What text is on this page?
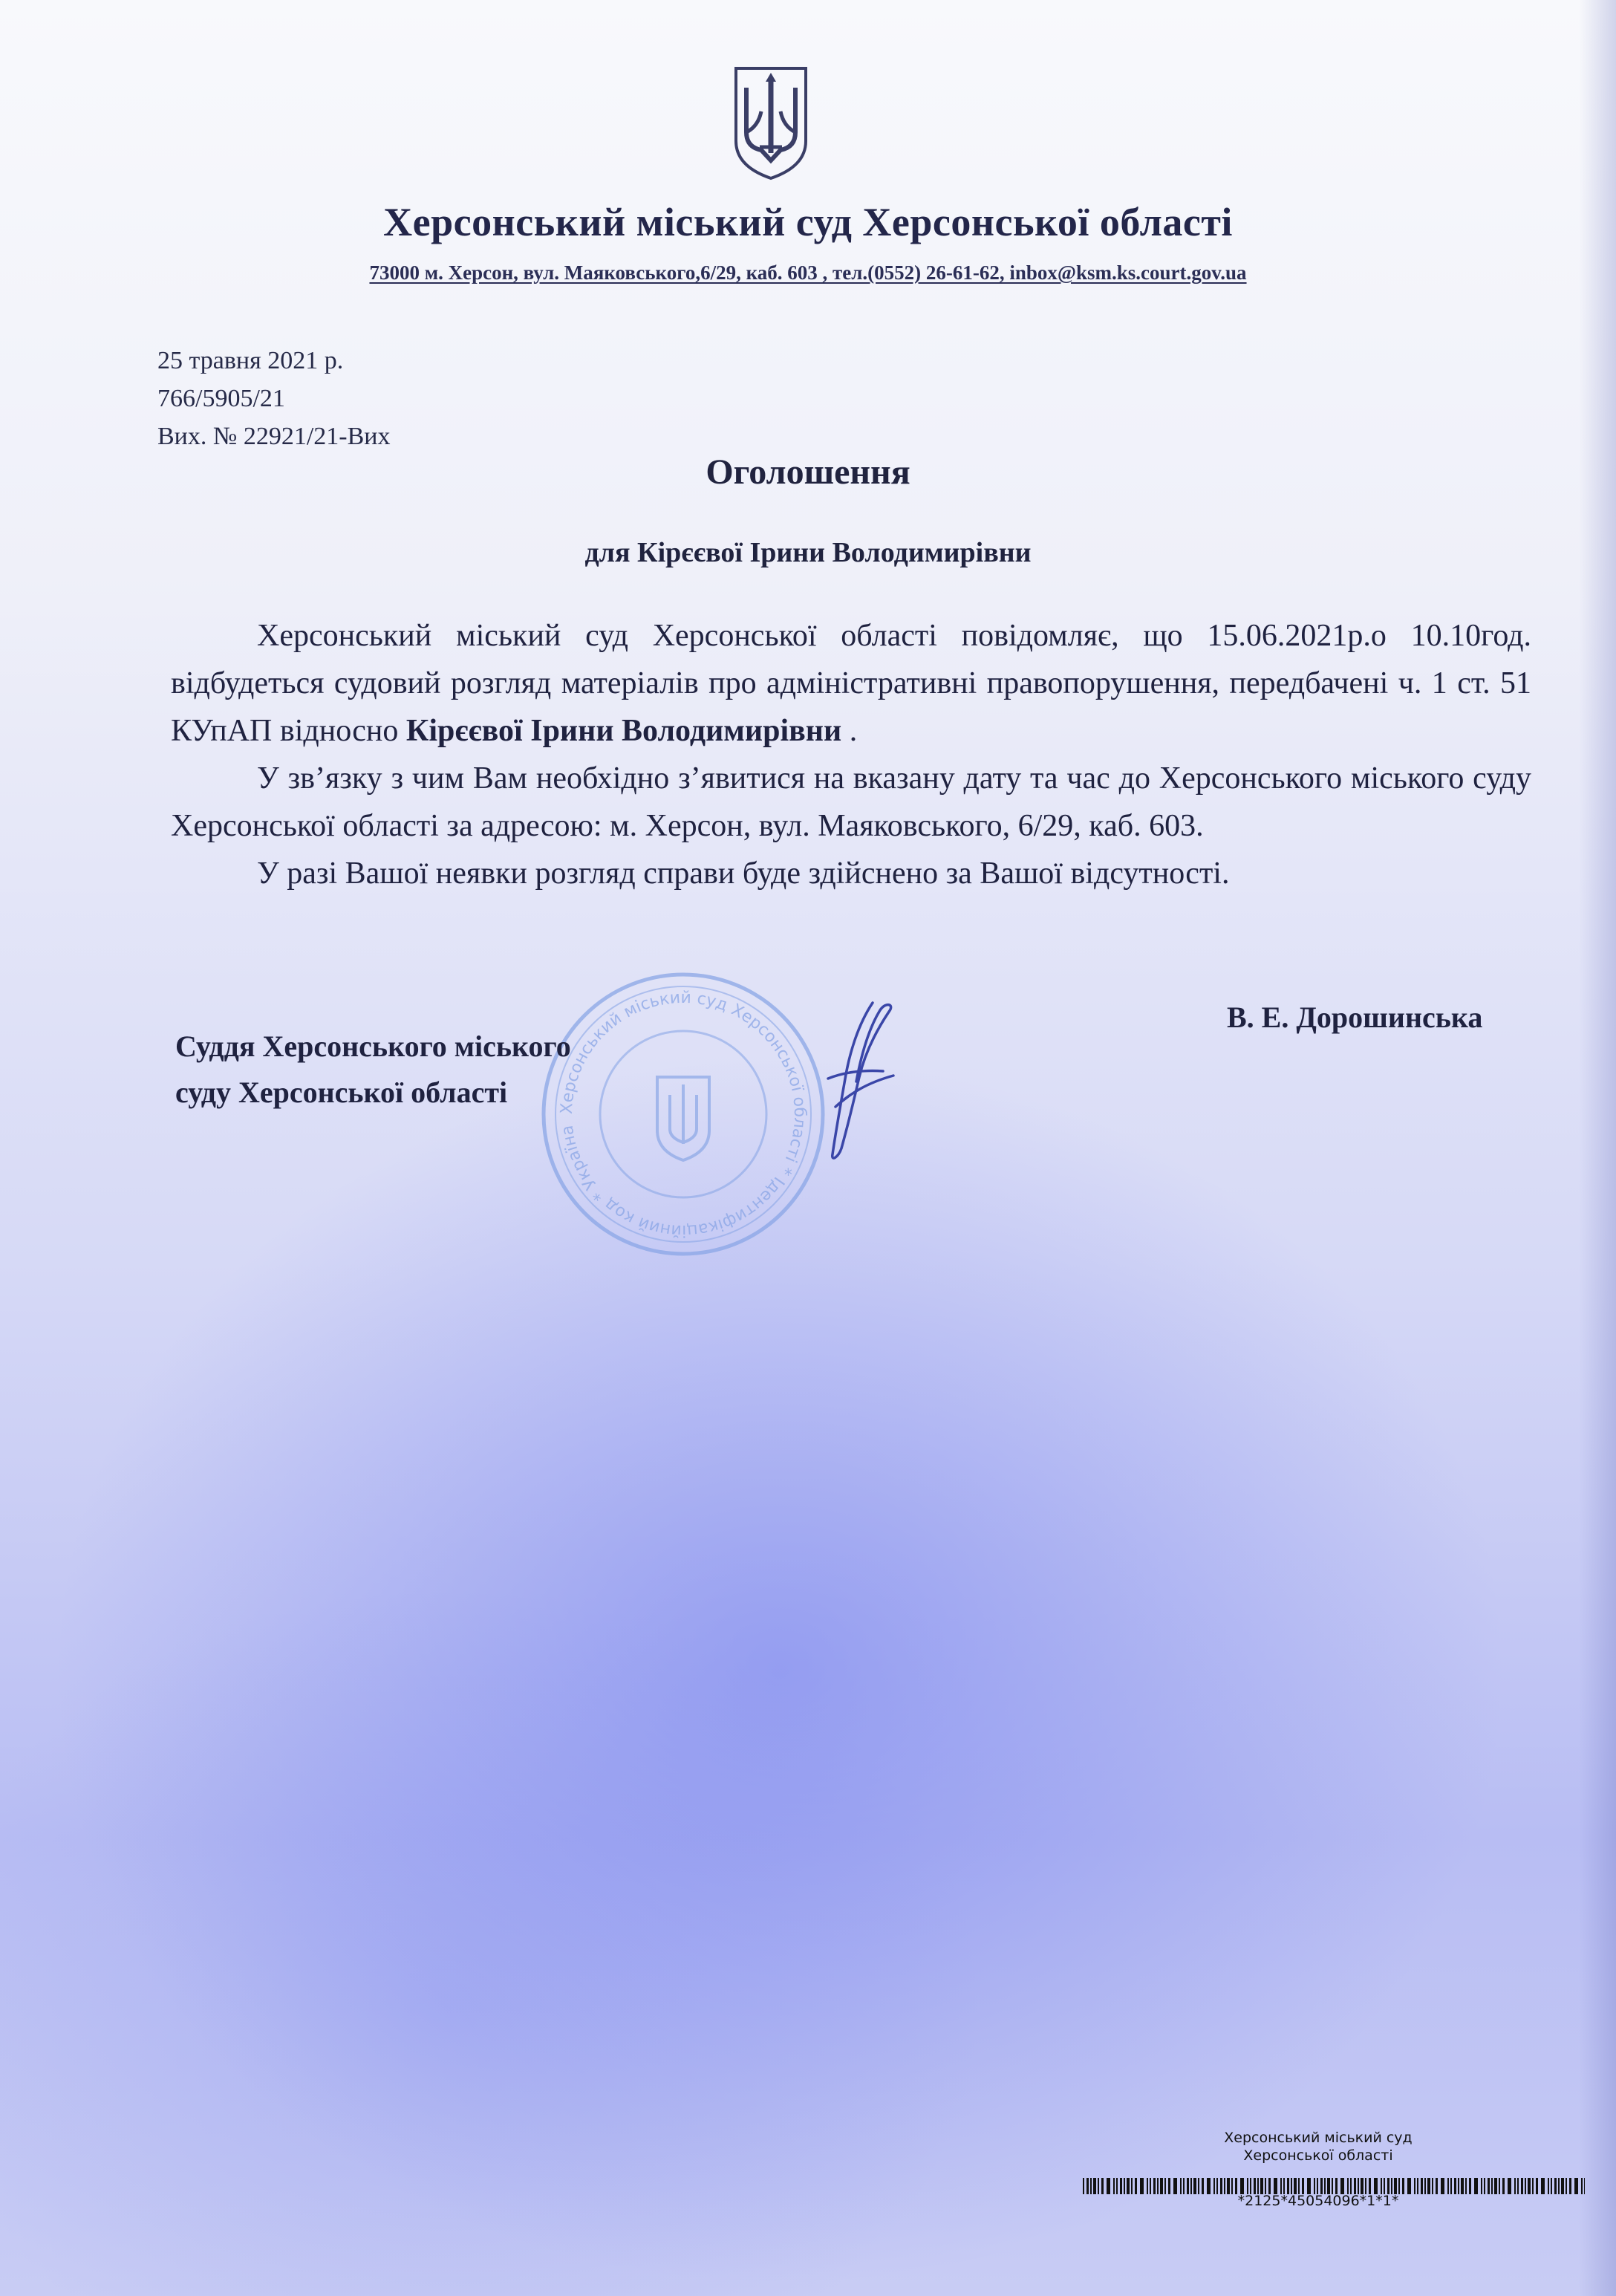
Херсонський міський суд Херсонської області
73000 м. Херсон, вул. Маяковського,6/29, каб. 603 , тел.(0552) 26-61-62, inbox@ksm.ks.court.gov.ua
25 травня 2021 р.
766/5905/21
Вих. № 22921/21-Вих
Оголошення
для Кірєєвої Ірини Володимирівни

Херсонський міський суд Херсонської області повідомляє, що 15.06.2021р.о 10.10год. відбудеться судовий розгляд матеріалів про адміністративні правопорушення, передбачені ч. 1 ст. 51 КУпАП відносно Кірєєвої Ірини Володимирівни .

У зв’язку з чим Вам необхідно з’явитися на вказану дату та час до Херсонського міського суду Херсонської області за адресою: м. Херсон, вул. Маяковського, 6/29, каб. 603.

У разі Вашої неявки розгляд справи буде здійснено за Вашої відсутності.

Херсонський міський суд Херсонської області * Ідентифікаційний код * Україна
Суддя Херсонського міського
суду Херсонської області
В. Е. Дорошинська
Херсонський міський суд
Херсонської області
*2125*45054096*1*1*
